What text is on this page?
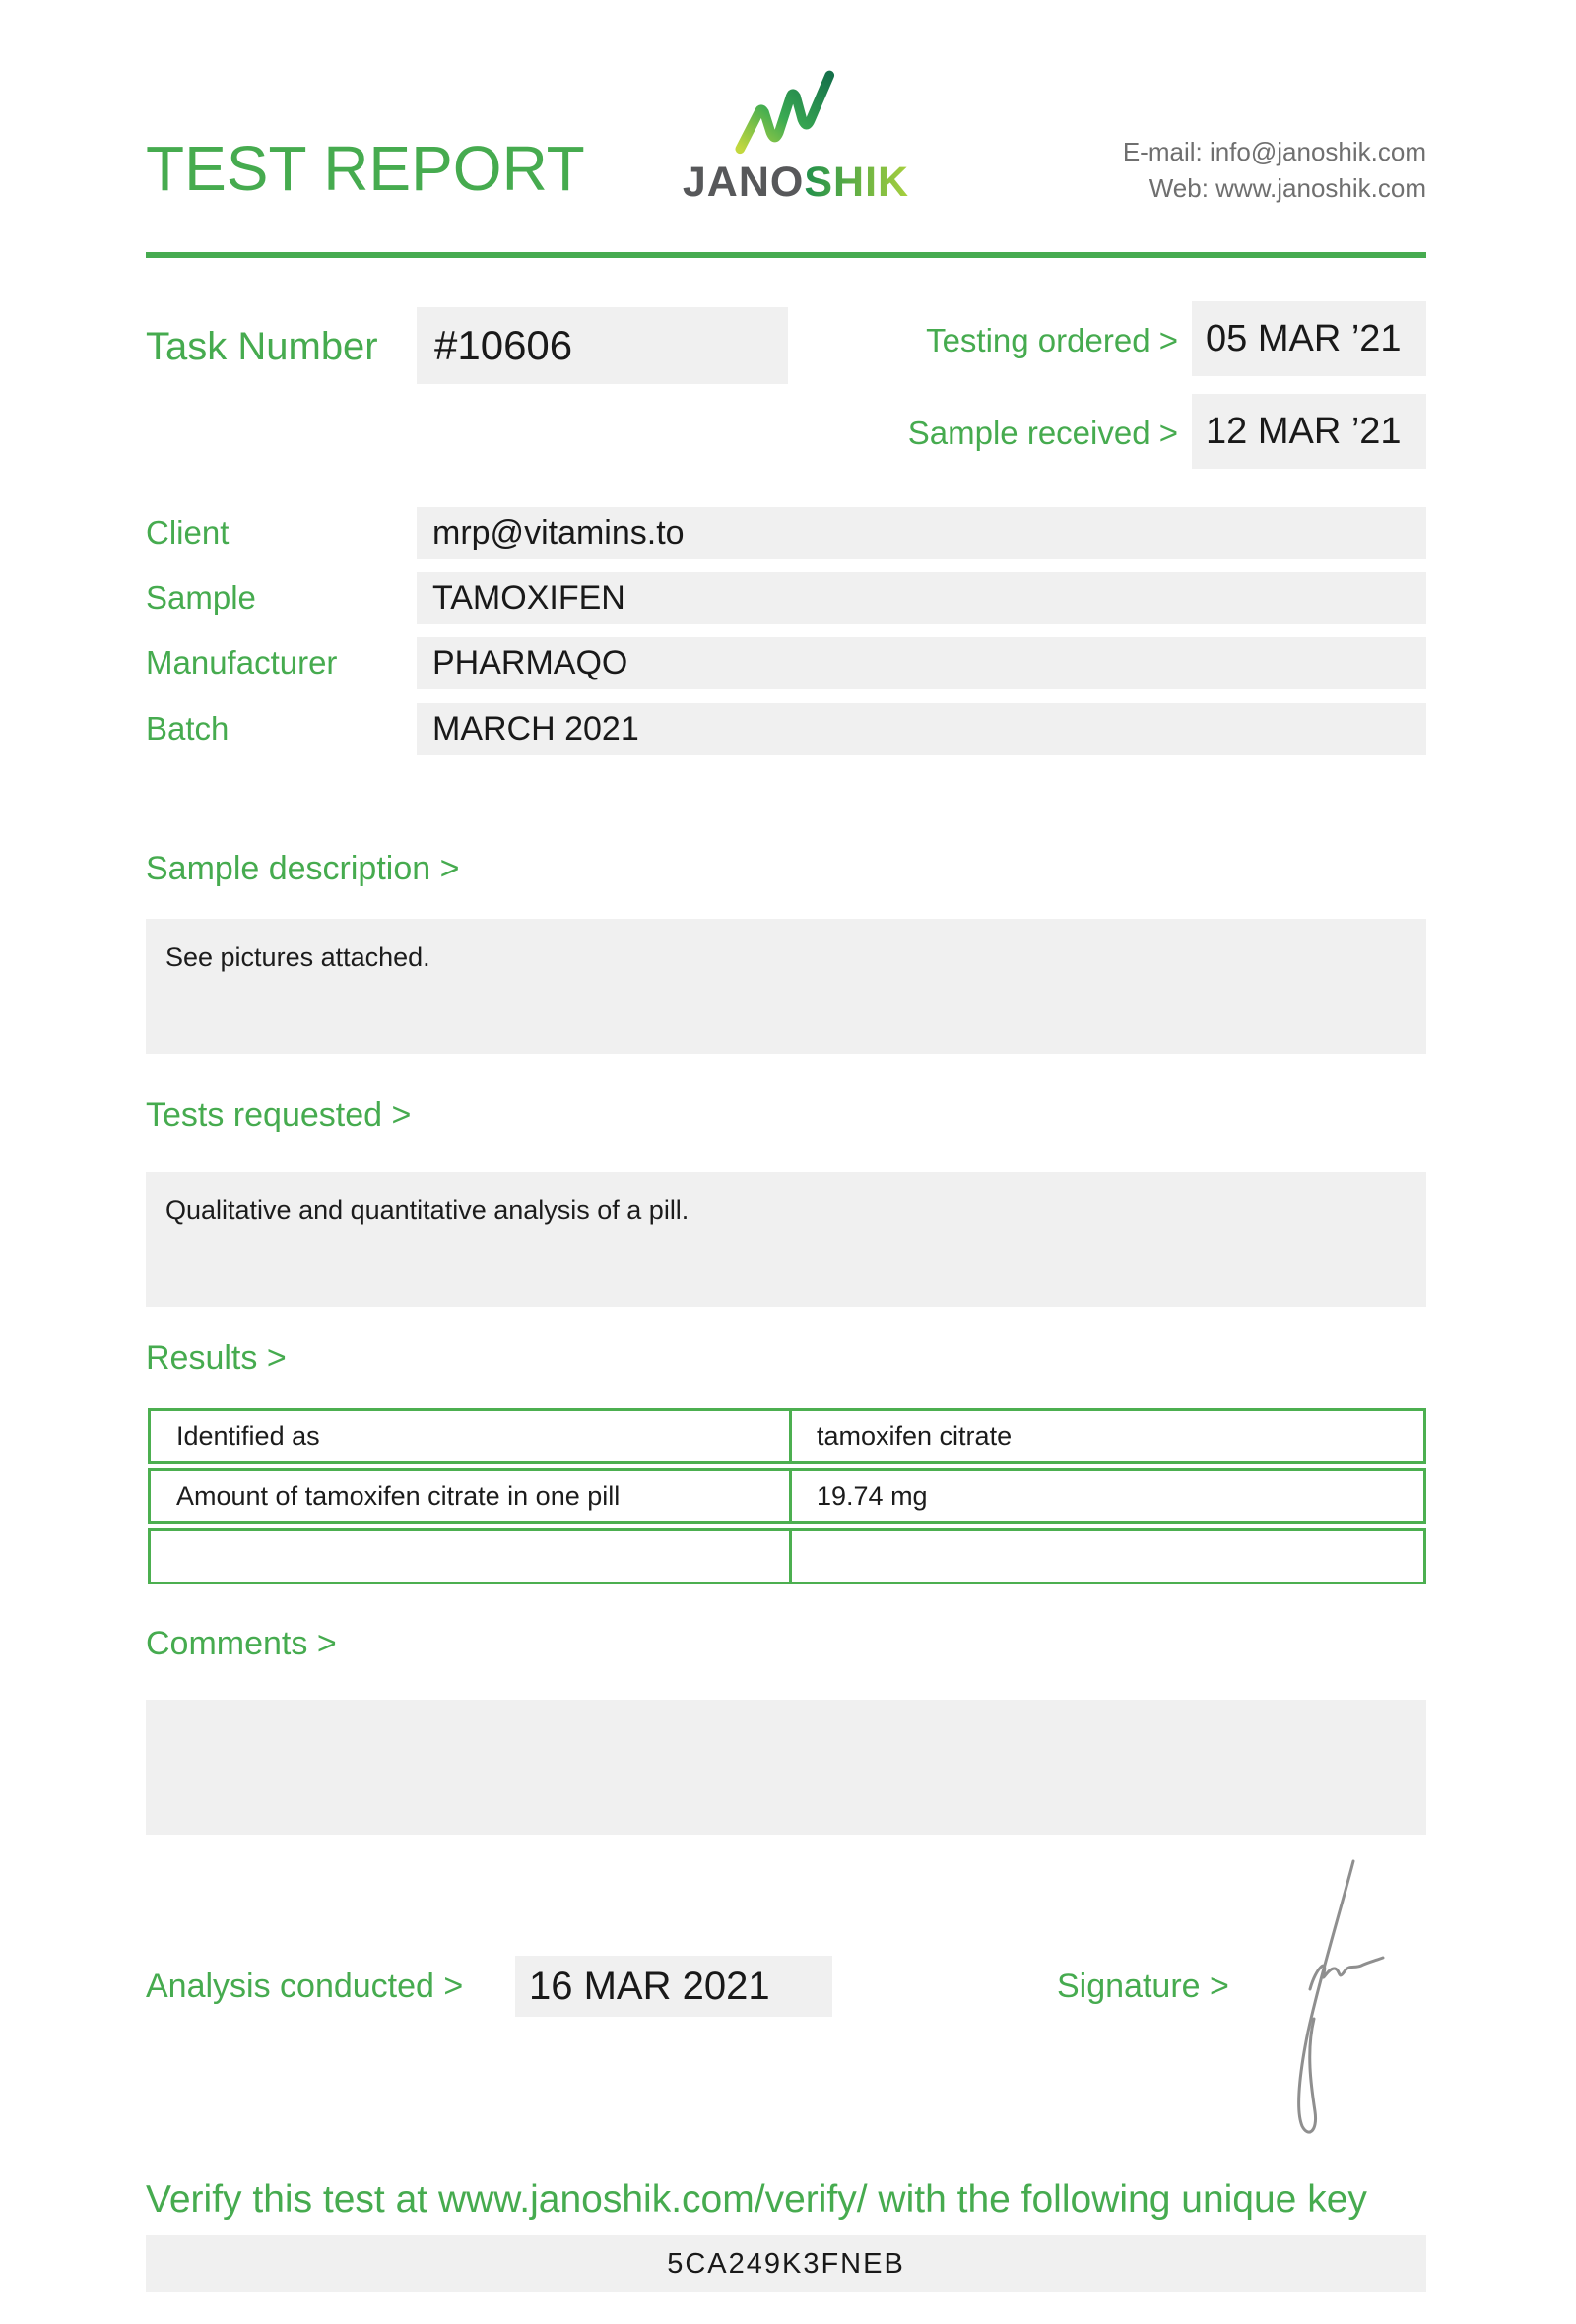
TEST REPORT JANOSHIK
E-mail: info@janoshik.com
Web: www.janoshik.com
Task Number	#10606	Testing ordered > 05 MAR ’21
Sample received > 12 MAR ’21
Client	mrp@vitamins.to
Sample	TAMOXIFEN
Manufacturer	PHARMAQO
Batch	MARCH 2021
Sample description >
See pictures attached.
Tests requested >
Qualitative and quantitative analysis of a pill.
Results >
Identified as	tamoxifen citrate
Amount of tamoxifen citrate in one pill	19.74 mg
Comments >
Analysis conducted >	16 MAR 2021	Signature >
Verify this test at www.janoshik.com/verify/ with the following unique key
5CA249K3FNEB
